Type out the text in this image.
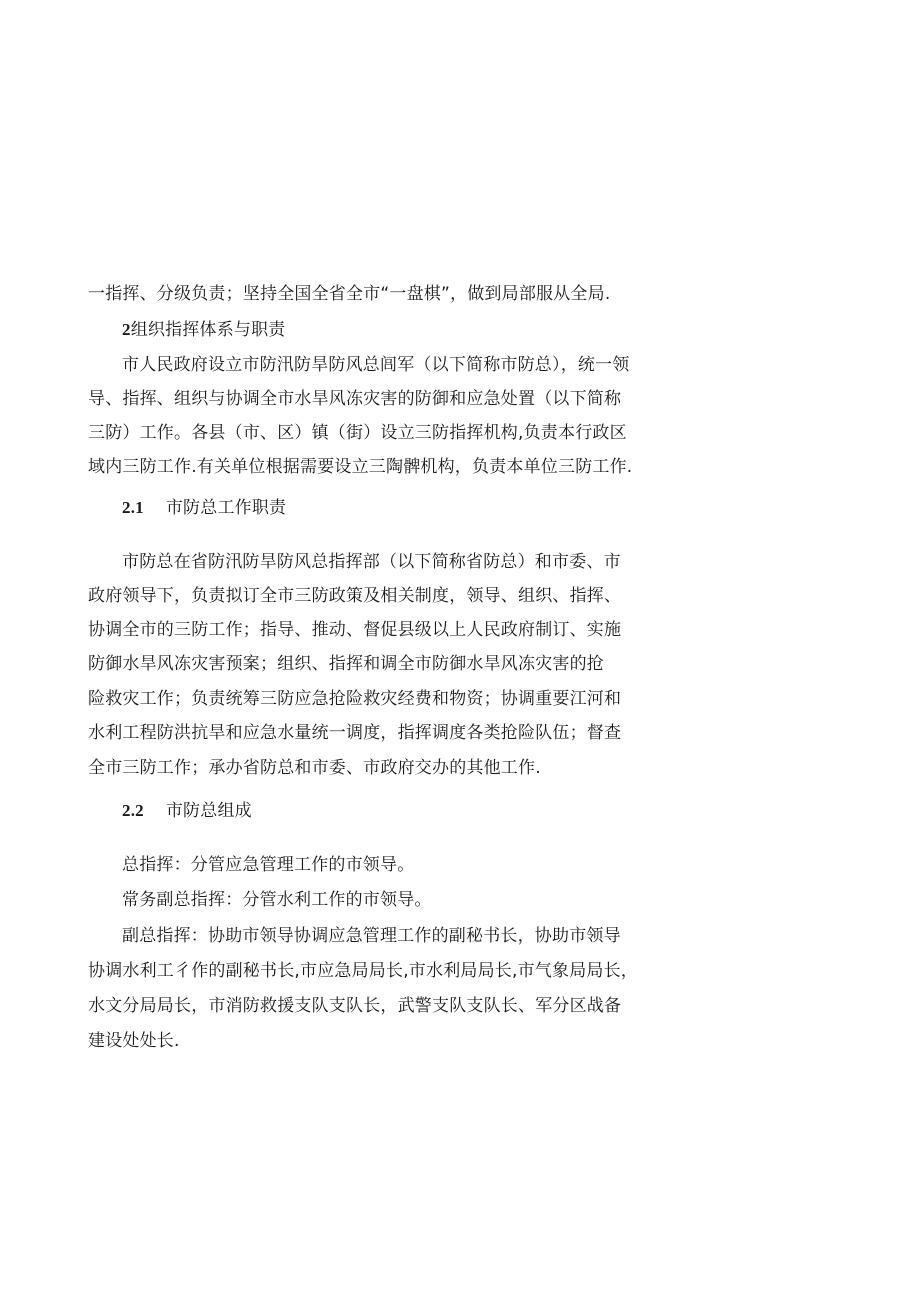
一指挥、分级负责；坚持全国全省全市“一盘棋”，做到局部服从全局.
2组织指挥体系与职责
市人民政府设立市防汛防旱防风总闾军（以下简称市防总），统一领
导、指挥、组织与协调全市水旱风冻灾害的防御和应急处置（以下简称
三防）工作。各县（市、区）镇（街）设立三防指挥机构,负责本行政区
域内三防工作.有关单位根据需要设立三陶髀机构，负责本单位三防工作.
2.1 市防总工作职责
市防总在省防汛防旱防风总指挥部（以下简称省防总）和市委、市
政府领导下，负责拟订全市三防政策及相关制度，领导、组织、指挥、
协调全市的三防工作；指导、推动、督促县级以上人民政府制订、实施
防御水旱风冻灾害预案；组织、指挥和调全市防御水旱风冻灾害的抢
险救灾工作；负责统筹三防应急抢险救灾经费和物资；协调重要江河和
水利工程防洪抗旱和应急水量统一调度，指挥调度各类抢险队伍；督查
全市三防工作；承办省防总和市委、市政府交办的其他工作.
2.2 市防总组成
总指挥：分管应急管理工作的市领导。
常务副总指挥：分管水利工作的市领导。
副总指挥：协助市领导协调应急管理工作的副秘书长，协助市领导
协调水利工彳作的副秘书长,市应急局局长,市水利局局长,市气象局局长，
水文分局局长，市消防救援支队支队长，武警支队支队长、军分区战备
建设处处长.
